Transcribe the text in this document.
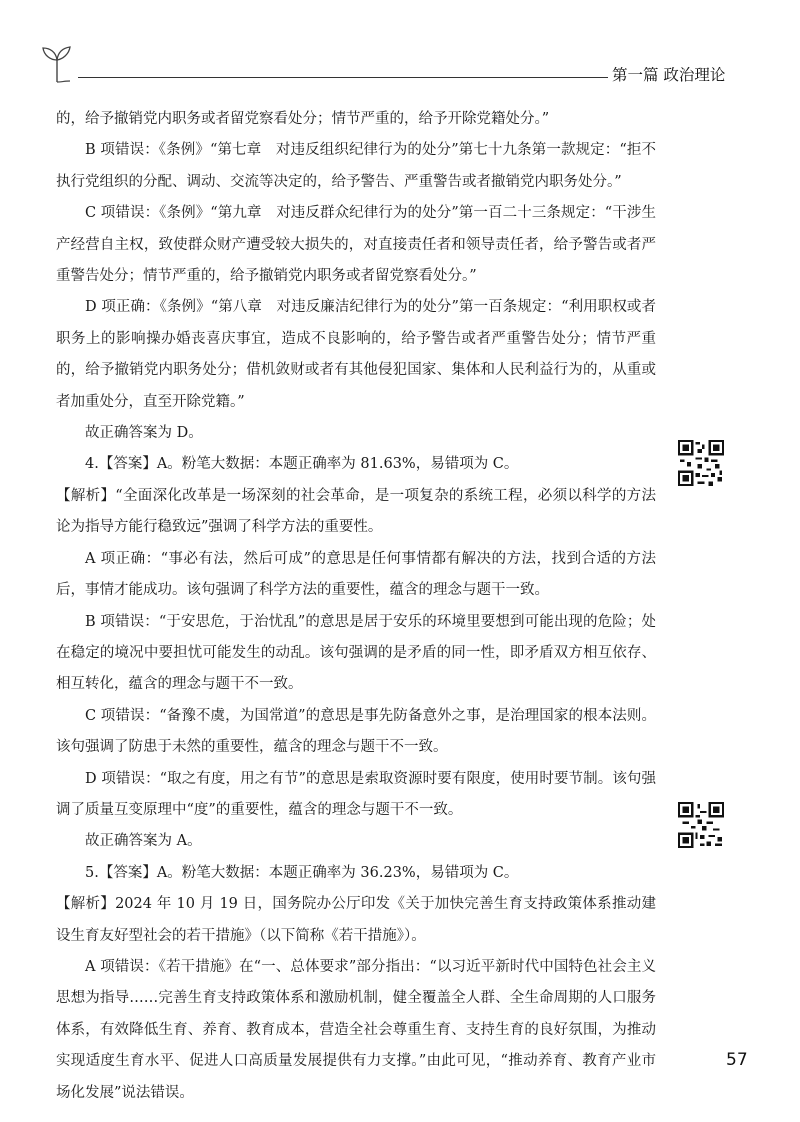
第一篇 政治理论

的，给予撤销党内职务或者留党察看处分；情节严重的，给予开除党籍处分。”

B 项错误：《条例》“第七章　对违反组织纪律行为的处分”第七十九条第一款规定：“拒不执行党组织的分配、调动、交流等决定的，给予警告、严重警告或者撤销党内职务处分。”

C 项错误：《条例》“第九章　对违反群众纪律行为的处分”第一百二十三条规定：“干涉生产经营自主权，致使群众财产遭受较大损失的，对直接责任者和领导责任者，给予警告或者严重警告处分；情节严重的，给予撤销党内职务或者留党察看处分。”

D 项正确：《条例》“第八章　对违反廉洁纪律行为的处分”第一百条规定：“利用职权或者职务上的影响操办婚丧喜庆事宜，造成不良影响的，给予警告或者严重警告处分；情节严重的，给予撤销党内职务处分；借机敛财或者有其他侵犯国家、集体和人民利益行为的，从重或者加重处分，直至开除党籍。”

故正确答案为 D。

4.【答案】A。粉笔大数据：本题正确率为 81.63%，易错项为 C。

【解析】“全面深化改革是一场深刻的社会革命，是一项复杂的系统工程，必须以科学的方法论为指导方能行稳致远”强调了科学方法的重要性。

A 项正确：“事必有法，然后可成”的意思是任何事情都有解决的方法，找到合适的方法后，事情才能成功。该句强调了科学方法的重要性，蕴含的理念与题干一致。

B 项错误：“于安思危，于治忧乱”的意思是居于安乐的环境里要想到可能出现的危险；处在稳定的境况中要担忧可能发生的动乱。该句强调的是矛盾的同一性，即矛盾双方相互依存、相互转化，蕴含的理念与题干不一致。

C 项错误：“备豫不虞，为国常道”的意思是事先防备意外之事，是治理国家的根本法则。该句强调了防患于未然的重要性，蕴含的理念与题干不一致。

D 项错误：“取之有度，用之有节”的意思是索取资源时要有限度，使用时要节制。该句强调了质量互变原理中“度”的重要性，蕴含的理念与题干不一致。

故正确答案为 A。

5.【答案】A。粉笔大数据：本题正确率为 36.23%，易错项为 C。

【解析】2024 年 10 月 19 日，国务院办公厅印发《关于加快完善生育支持政策体系推动建设生育友好型社会的若干措施》（以下简称《若干措施》）。

A 项错误：《若干措施》在“一、总体要求”部分指出：“以习近平新时代中国特色社会主义思想为指导……完善生育支持政策体系和激励机制，健全覆盖全人群、全生命周期的人口服务体系，有效降低生育、养育、教育成本，营造全社会尊重生育、支持生育的良好氛围，为推动实现适度生育水平、促进人口高质量发展提供有力支撑。”由此可见，“推动养育、教育产业市场化发展”说法错误。

57
